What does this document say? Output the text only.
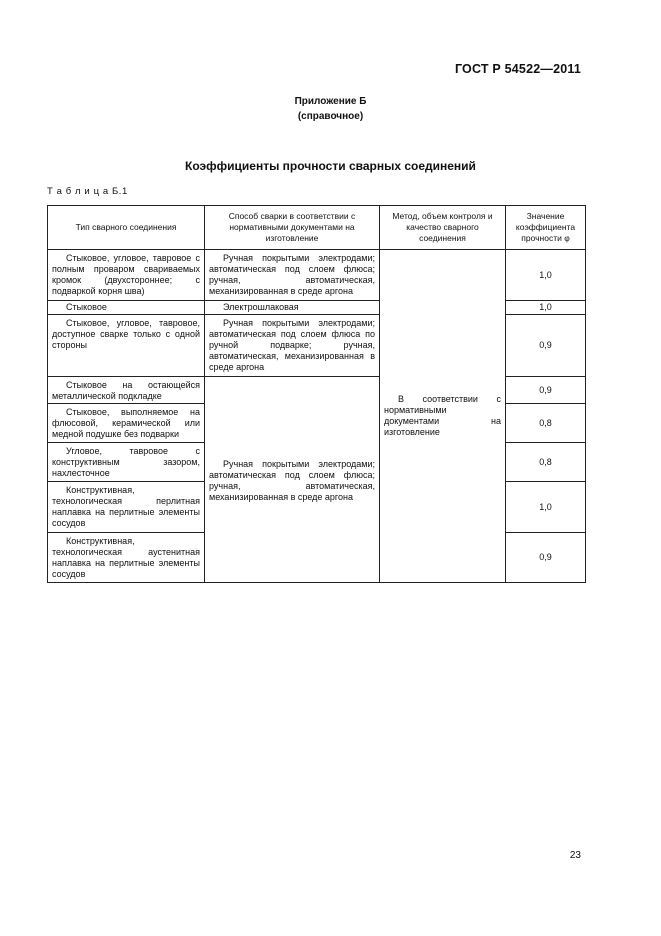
ГОСТ Р 54522—2011
Приложение Б
(справочное)
Коэффициенты прочности сварных соединений
Т а б л и ц а Б.1
Тип сварного соединения	Способ сварки в соответствии с нормативными документами на изготовление	Метод, объем контроля и качество сварного соединения	Значение коэффициента прочности φ
Стыковое, угловое, тавровое с полным проваром свариваемых кромок (двухстороннее; с подваркой корня шва)	Ручная покрытыми электродами; автоматическая под слоем флюса; ручная, автоматическая, механизированная в среде аргона	В соответствии с нормативными документами на изготовление	1,0
Стыковое	Электрошлаковая		1,0
Стыковое, угловое, тавровое, доступное сварке только с одной стороны	Ручная покрытыми электродами; автоматическая под слоем флюса по ручной подварке; ручная, автоматическая, механизированная в среде аргона		0,9
Стыковое на остающейся металлической подкладке	Ручная покрытыми электродами; автоматическая под слоем флюса; ручная, автоматическая, механизированная в среде аргона		0,9
Стыковое, выполняемое на флюсовой, керамической или медной подушке без подварки			0,8
Угловое, тавровое с конструктивным зазором, нахлесточное			0,8
Конструктивная, технологическая перлитная наплавка на перлитные элементы сосудов			1,0
Конструктивная, технологическая аустенитная наплавка на перлитные элементы сосудов			0,9
23
